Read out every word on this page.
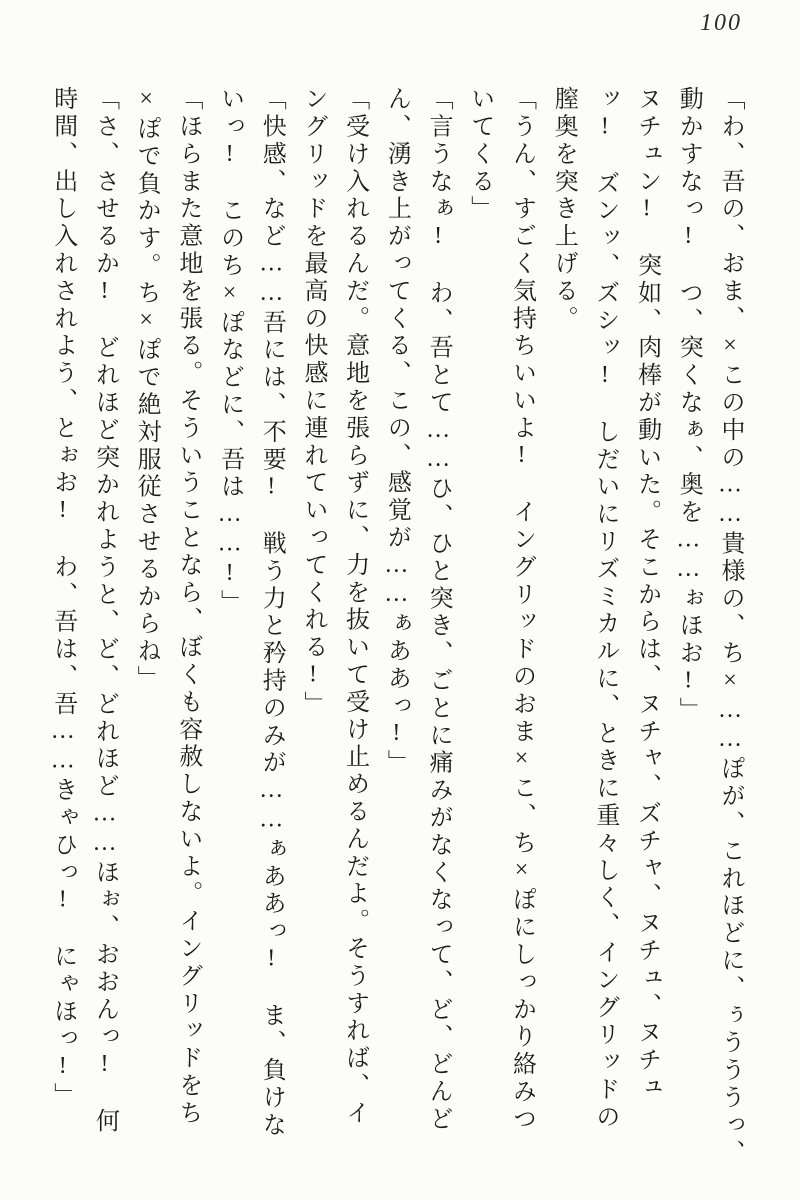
100
「わ、吾の、おま、×この中の……貴様の、ち×……ぽが、これほどに、ぅうううっ、
動かすなっ!　つ、突くなぁ、奥を……ぉほお!」
ヌチュン!　突如、肉棒が動いた。そこからは、ヌチャ、ズチャ、ヌチュ、ヌチュ
ッ!　ズンッ、ズシッ!　しだいにリズミカルに、ときに重々しく、イングリッドの
膣奥を突き上げる。
「うん、すごく気持ちいいよ!　イングリッドのおま×こ、ち×ぽにしっかり絡みつ
いてくる」
「言うなぁ!　わ、吾とて……ひ、ひと突き、ごとに痛みがなくなって、ど、どんど
ん、湧き上がってくる、この、感覚が……ぁああっ!」
「受け入れるんだ。意地を張らずに、力を抜いて受け止めるんだよ。そうすれば、イ
ングリッドを最高の快感に連れていってくれる!」
「快感、など……吾には、不要!　戦う力と矜持のみが……ぁああっ!　ま、負けな
いっ!　このち×ぽなどに、吾は……!」
「ほらまた意地を張る。そういうことなら、ぼくも容赦しないよ。イングリッドをち
×ぽで負かす。ち×ぽで絶対服従させるからね」
「さ、させるか!　どれほど突かれようと、ど、どれほど……ほぉ、おおんっ!　何
時間、出し入れされよう、とぉお!　わ、吾は、吾……きゃひっ!　にゃほっ!」
